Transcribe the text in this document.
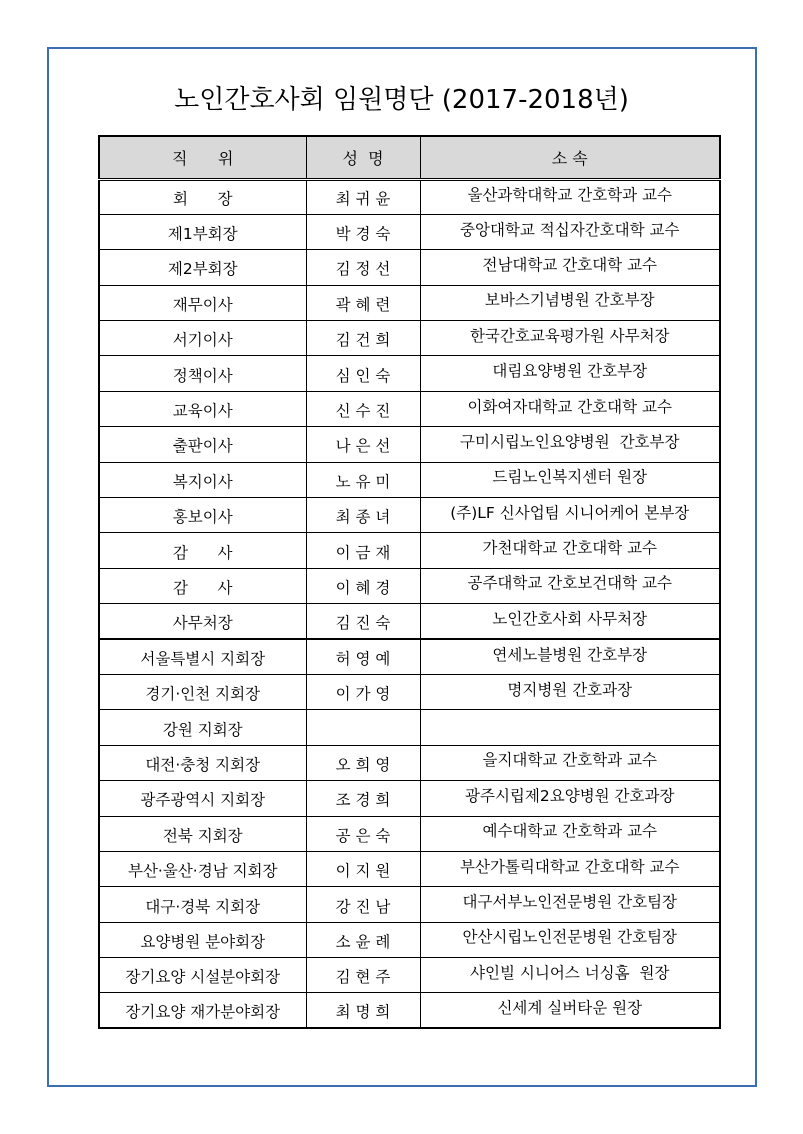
노인간호사회 임원명단 (2017-2018년)
직      위	성  명	소 속
회      장	최 귀 윤	울산과학대학교 간호학과 교수
제1부회장	박 경 숙	중앙대학교 적십자간호대학 교수
제2부회장	김 정 선	전남대학교 간호대학 교수
재무이사	곽 혜 련	보바스기념병원 간호부장
서기이사	김 건 희	한국간호교육평가원 사무처장
정책이사	심 인 숙	대림요양병원 간호부장
교육이사	신 수 진	이화여자대학교 간호대학 교수
출판이사	나 은 선	구미시립노인요양병원  간호부장
복지이사	노 유 미	드림노인복지센터 원장
홍보이사	최 종 녀	(주)LF 신사업팀 시니어케어 본부장
감      사	이 금 재	가천대학교 간호대학 교수
감      사	이 혜 경	공주대학교 간호보건대학 교수
사무처장	김 진 숙	노인간호사회 사무처장
서울특별시 지회장	허 영 예	연세노블병원 간호부장
경기·인천 지회장	이 가 영	명지병원 간호과장
강원 지회장		
대전·충청 지회장	오 희 영	을지대학교 간호학과 교수
광주광역시 지회장	조 경 희	광주시립제2요양병원 간호과장
전북 지회장	공 은 숙	예수대학교 간호학과 교수
부산·울산·경남 지회장	이 지 원	부산가톨릭대학교 간호대학 교수
대구·경북 지회장	강 진 남	대구서부노인전문병원 간호팀장
요양병원 분야회장	소 윤 례	안산시립노인전문병원 간호팀장
장기요양 시설분야회장	김 현 주	샤인빌 시니어스 너싱홈  원장
장기요양 재가분야회장	최 명 희	신세계 실버타운 원장
